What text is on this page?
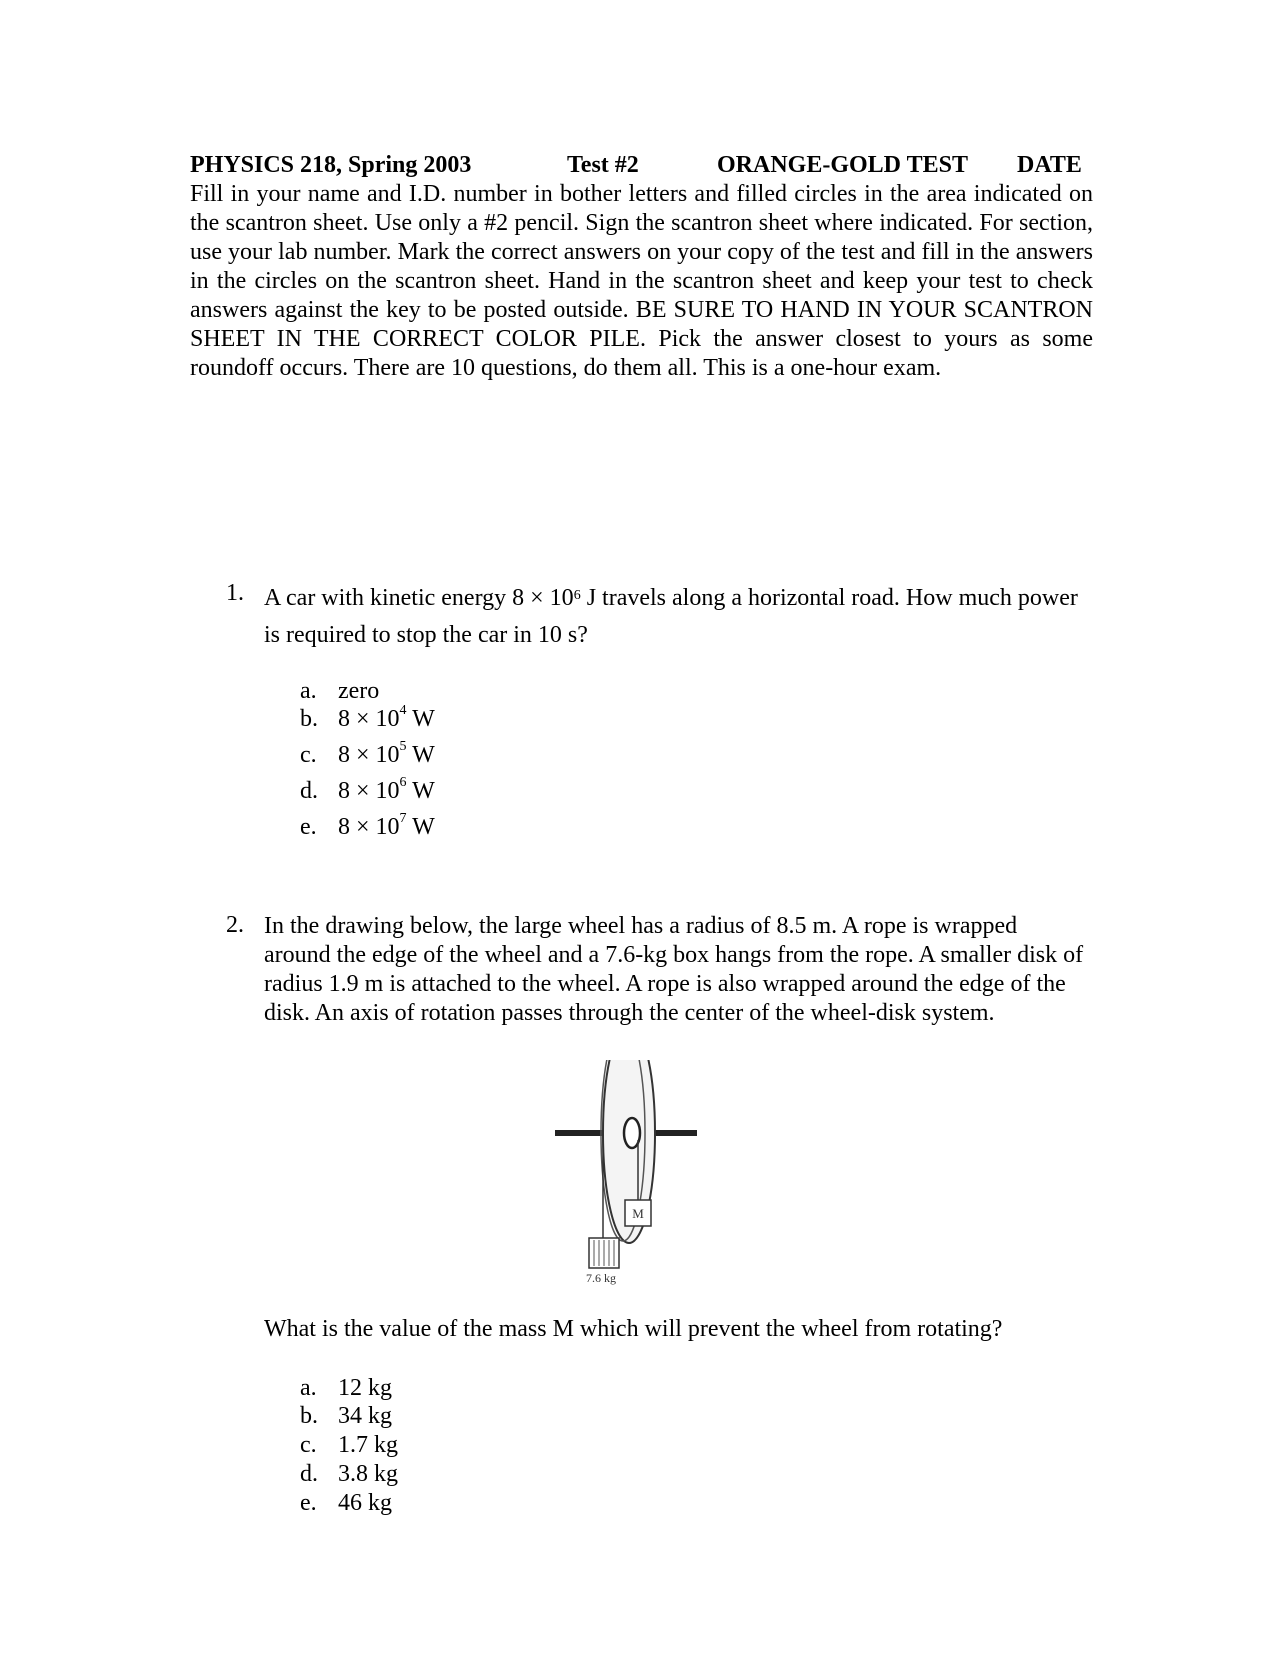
PHYSICS 218, Spring 2003	Test #2	ORANGE-GOLD TEST DATE
Fill in your name and I.D. number in bother letters and filled circles in the area indicated on the scantron sheet. Use only a #2 pencil. Sign the scantron sheet where indicated. For section, use your lab number. Mark the correct answers on your copy of the test and fill in the answers in the circles on the scantron sheet. Hand in the scantron sheet and keep your test to check answers against the key to be posted outside. BE SURE TO HAND IN YOUR SCANTRON SHEET IN THE CORRECT COLOR PILE. Pick the answer closest to yours as some roundoff occurs. There are 10 questions, do them all. This is a one-hour exam.
1. A car with kinetic energy $8 \times 10^6$ J travels along a horizontal road. How much power is required to stop the car in 10 s?
a. zero
b. $8 \times 10^4$ W
c. $8 \times 10^5$ W
d. $8 \times 10^6$ W
e. $8 \times 10^7$ W
2. In the drawing below, the large wheel has a radius of 8.5 m. A rope is wrapped around the edge of the wheel and a 7.6-kg box hangs from the rope. A smaller disk of radius 1.9 m is attached to the wheel. A rope is also wrapped around the edge of the disk. An axis of rotation passes through the center of the wheel-disk system.
7.6 kg
M
What is the value of the mass M which will prevent the wheel from rotating?
a. 12 kg
b. 34 kg
c. 1.7 kg
d. 3.8 kg
e. 46 kg
